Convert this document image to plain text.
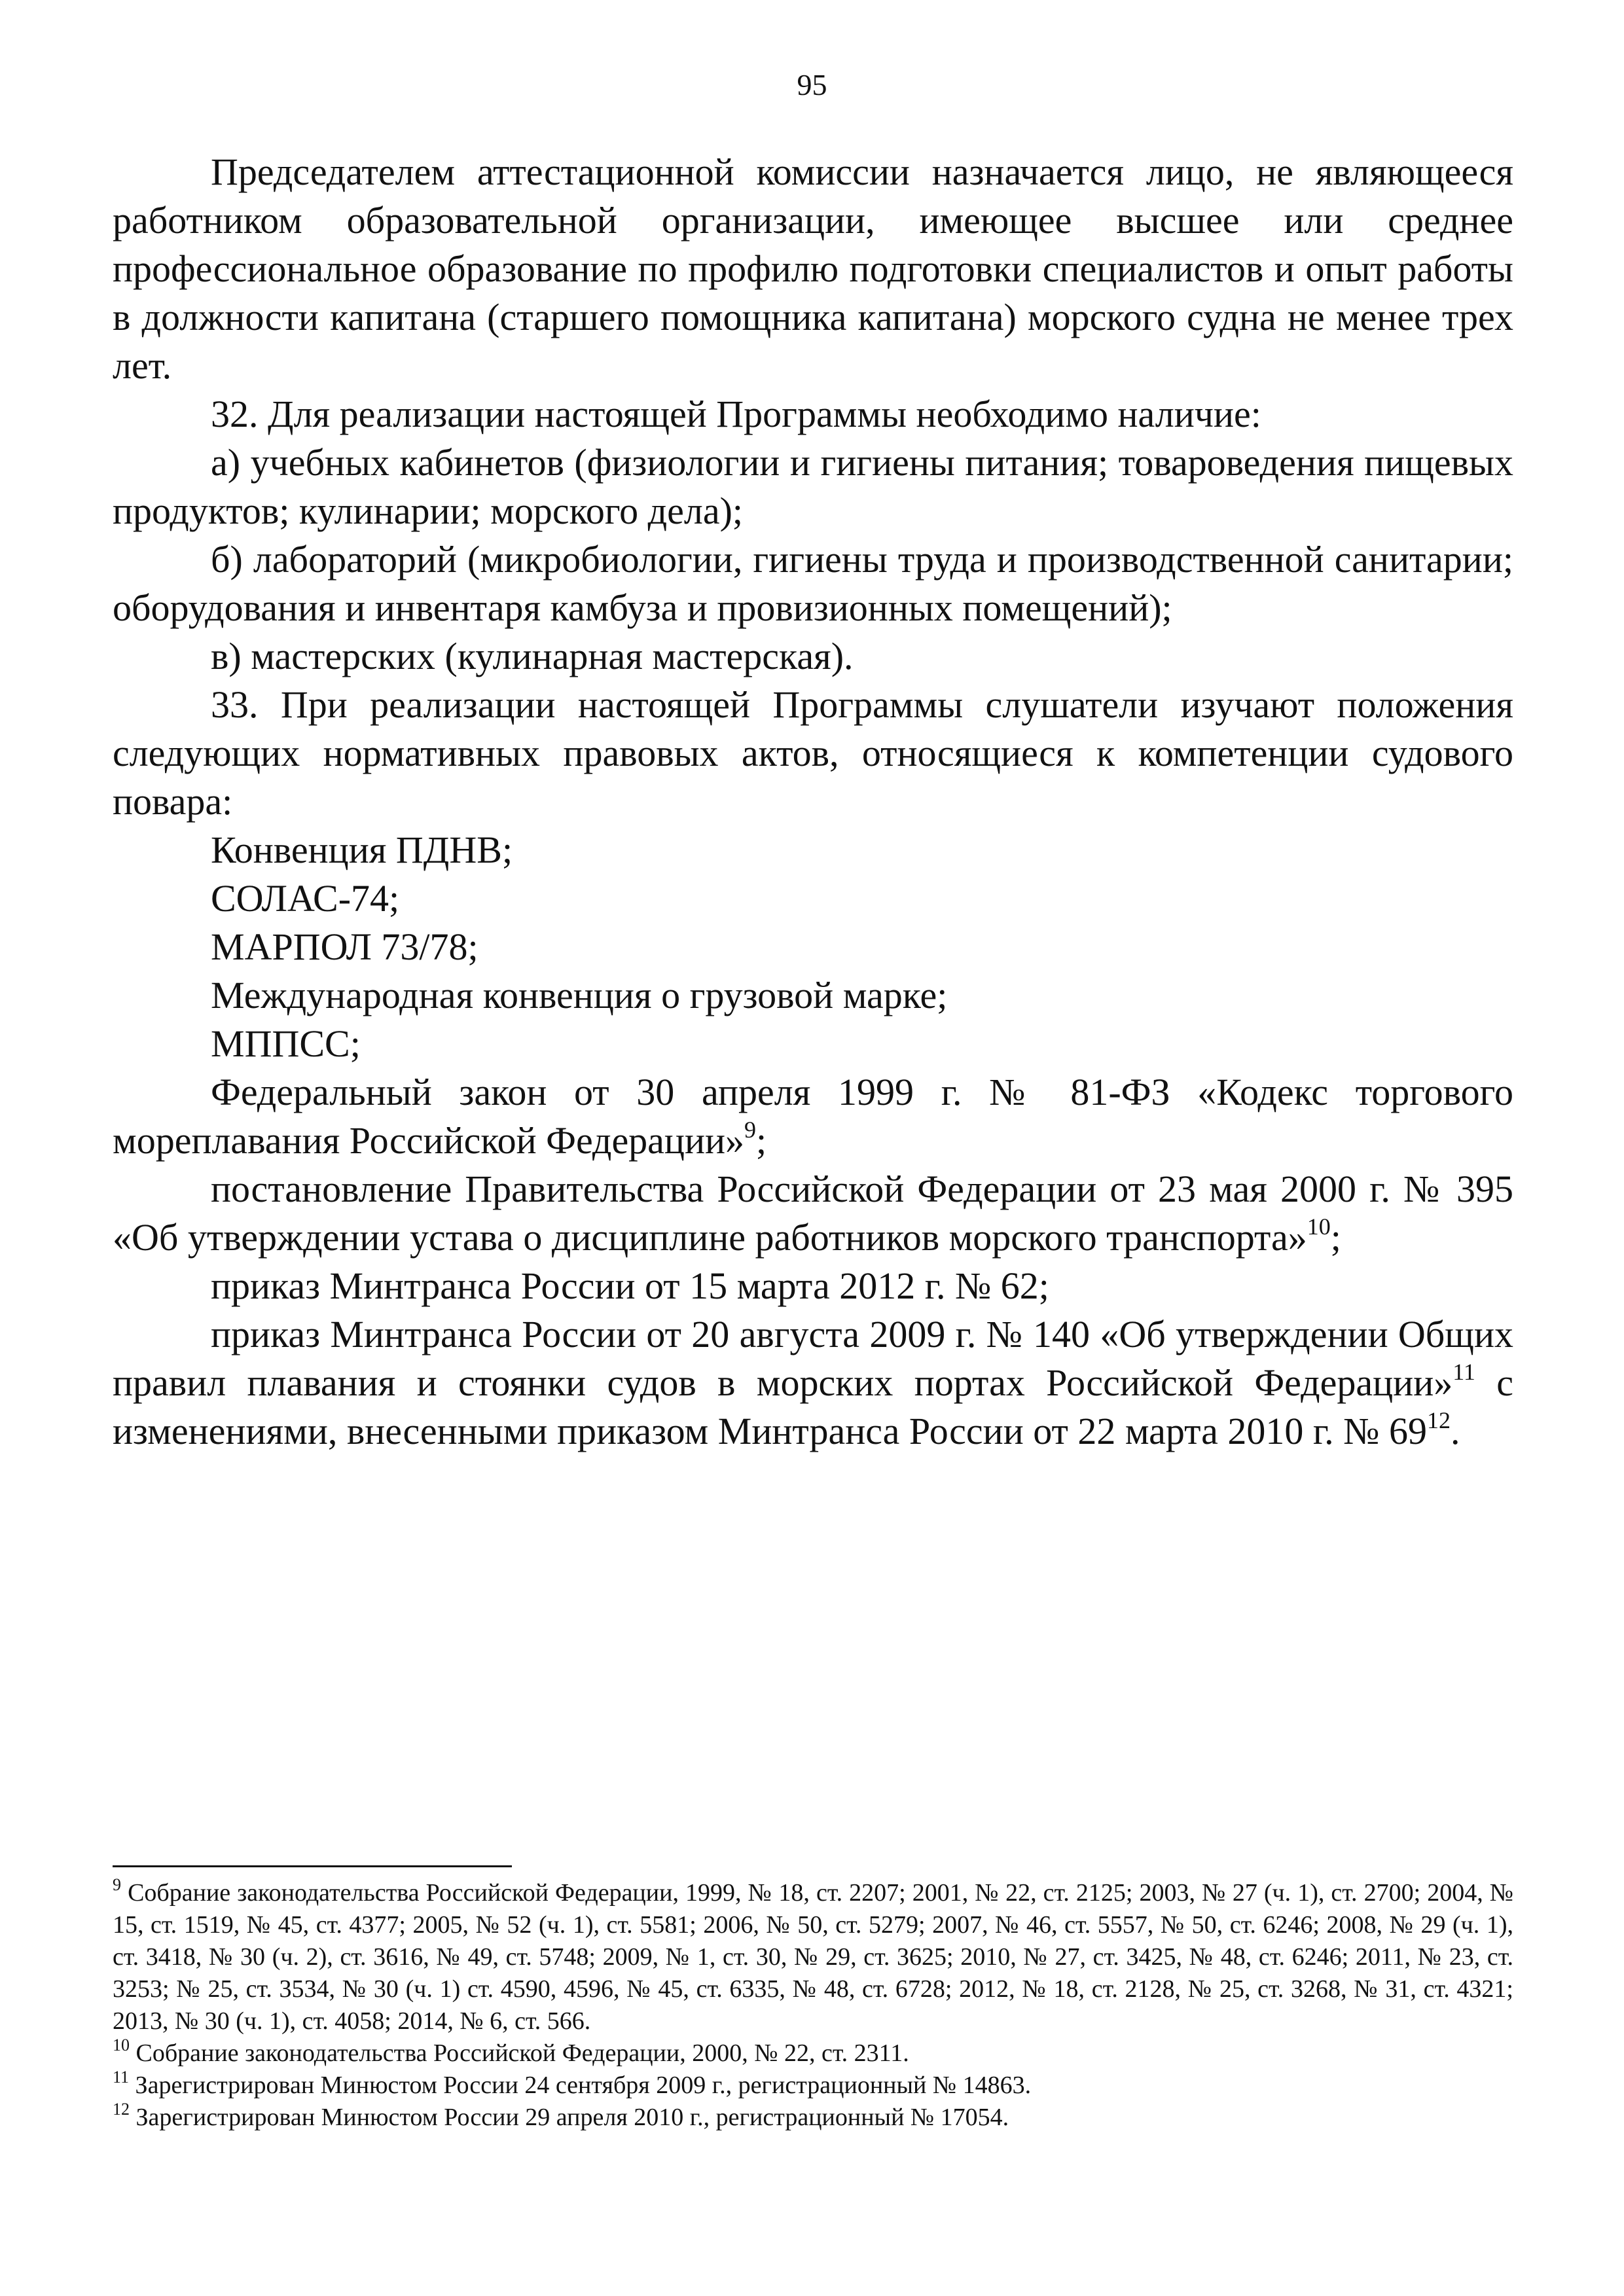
95

Председателем аттестационной комиссии назначается лицо, не являющееся работником образовательной организации, имеющее высшее или среднее профессиональное образование по профилю подготовки специалистов и опыт работы в должности капитана (старшего помощника капитана) морского судна не менее трех лет.

32. Для реализации настоящей Программы необходимо наличие:

а) учебных кабинетов (физиологии и гигиены питания; товароведения пищевых продуктов; кулинарии; морского дела);

б) лабораторий (микробиологии, гигиены труда и производственной санитарии; оборудования и инвентаря камбуза и провизионных помещений);

в) мастерских (кулинарная мастерская).

33. При реализации настоящей Программы слушатели изучают положения следующих нормативных правовых актов, относящиеся к компетенции судового повара:

Конвенция ПДНВ;

СОЛАС-74;

МАРПОЛ 73/78;

Международная конвенция о грузовой марке;

МППСС;

Федеральный закон от 30 апреля 1999 г. № 81-ФЗ «Кодекс торгового мореплавания Российской Федерации»$^9$;

постановление Правительства Российской Федерации от 23 мая 2000 г. № 395 «Об утверждении устава о дисциплине работников морского транспорта»$^{10}$;

приказ Минтранса России от 15 марта 2012 г. № 62;

приказ Минтранса России от 20 августа 2009 г. № 140 «Об утверждении Общих правил плавания и стоянки судов в морских портах Российской Федерации»$^{11}$ с изменениями, внесенными приказом Минтранса России от 22 марта 2010 г. № $69^{12}$.

$^9$ Собрание законодательства Российской Федерации, 1999, № 18, ст. 2207; 2001, № 22, ст. 2125; 2003, № 27 (ч. 1), ст. 2700; 2004, № 15, ст. 1519, № 45, ст. 4377; 2005, № 52 (ч. 1), ст. 5581; 2006, № 50, ст. 5279; 2007, № 46, ст. 5557, № 50, ст. 6246; 2008, № 29 (ч. 1), ст. 3418, № 30 (ч. 2), ст. 3616, № 49, ст. 5748; 2009, № 1, ст. 30, № 29, ст. 3625; 2010, № 27, ст. 3425, № 48, ст. 6246; 2011, № 23, ст. 3253; № 25, ст. 3534, № 30 (ч. 1) ст. 4590, 4596, № 45, ст. 6335, № 48, ст. 6728; 2012, № 18, ст. 2128, № 25, ст. 3268, № 31, ст. 4321; 2013, № 30 (ч. 1), ст. 4058; 2014, № 6, ст. 566.

$^{10}$ Собрание законодательства Российской Федерации, 2000, № 22, ст. 2311.

$^{11}$ Зарегистрирован Минюстом России 24 сентября 2009 г., регистрационный № 14863.

$^{12}$ Зарегистрирован Минюстом России 29 апреля 2010 г., регистрационный № 17054.
